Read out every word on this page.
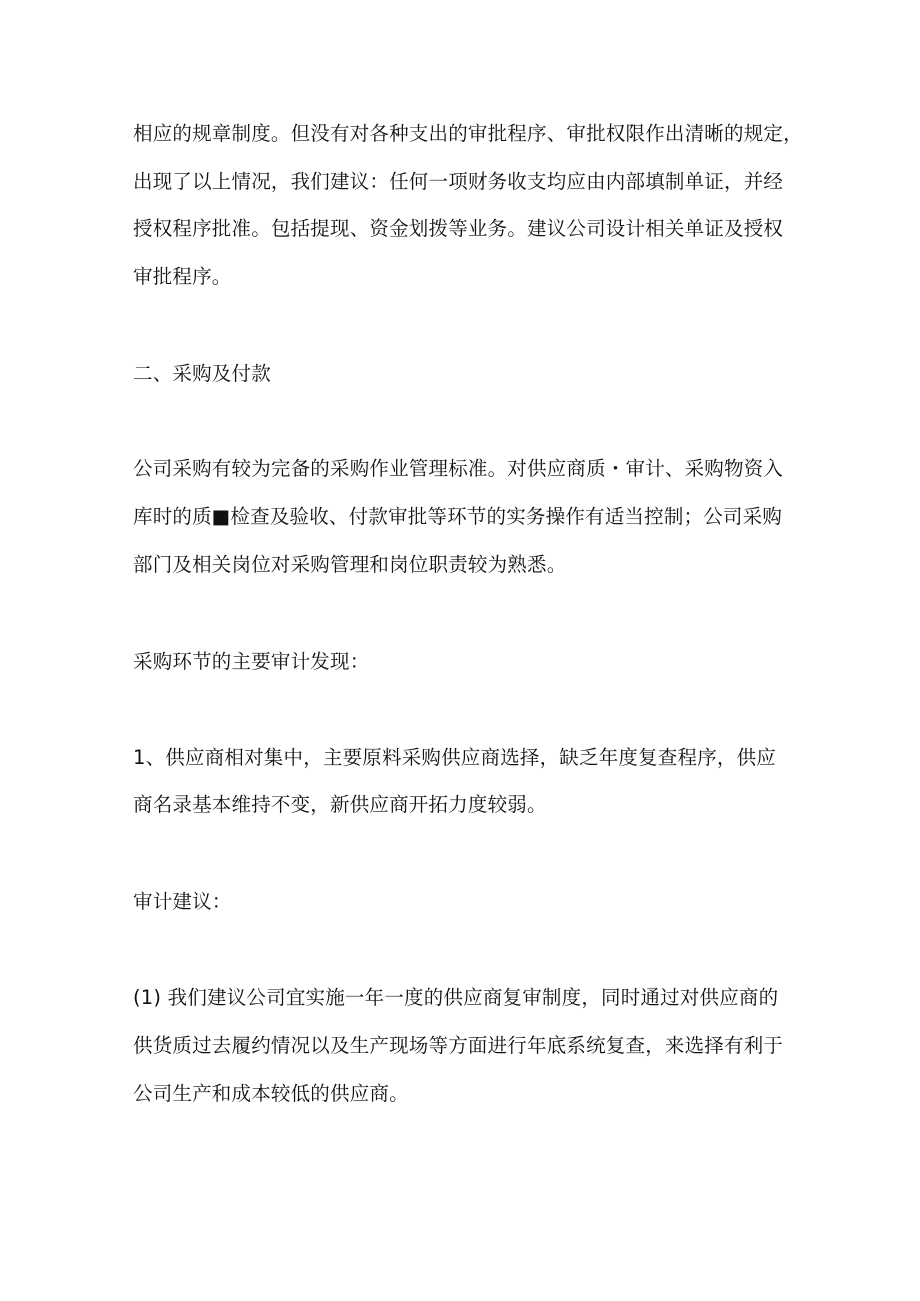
相应的规章制度。但没有对各种支出的审批程序、审批权限作出清晰的规定，
出现了以上情况，我们建议：任何一项财务收支均应由内部填制单证，并经
授权程序批准。包括提现、资金划拨等业务。建议公司设计相关单证及授权
审批程序。
二、采购及付款
公司采购有较为完备的采购作业管理标准。对供应商质・审计、采购物资入
库时的质■检查及验收、付款审批等环节的实务操作有适当控制；公司采购
部门及相关岗位对采购管理和岗位职责较为熟悉。
采购环节的主要审计发现：
1、供应商相对集中，主要原料采购供应商选择，缺乏年度复查程序，供应
商名录基本维持不变，新供应商开拓力度较弱。
审计建议：
(1) 我们建议公司宜实施一年一度的供应商复审制度，同时通过对供应商的
供货质过去履约情况以及生产现场等方面进行年底系统复查，来选择有利于
公司生产和成本较低的供应商。
